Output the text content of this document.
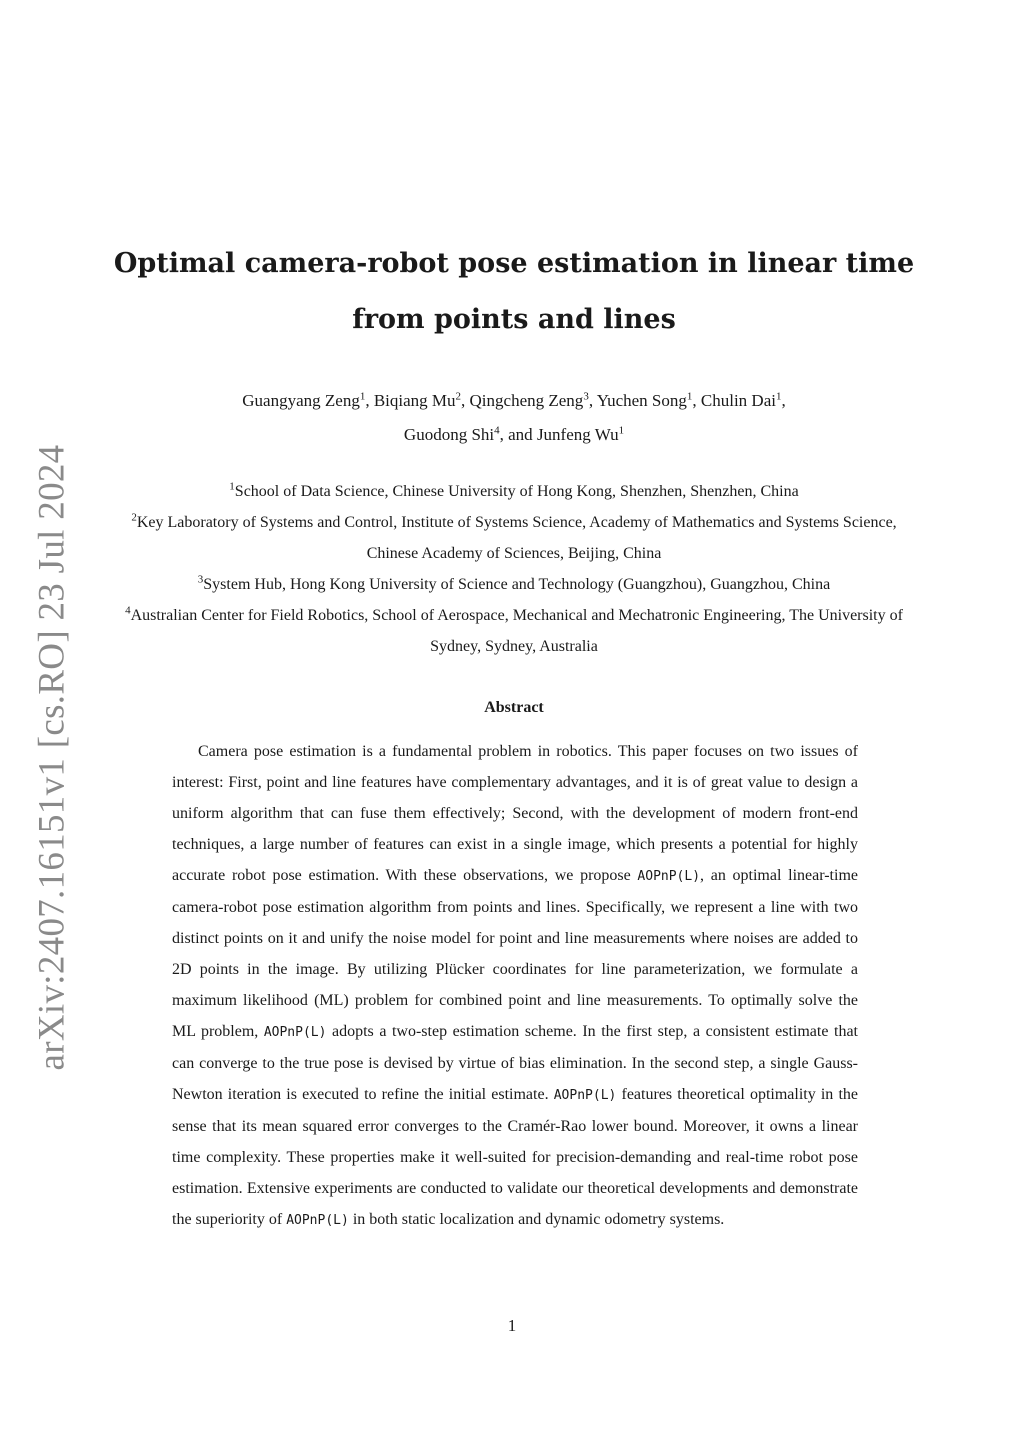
arXiv:2407.16151v1 [cs.RO] 23 Jul 2024
Optimal camera-robot pose estimation in linear time from points and lines
Guangyang Zeng$^1$, Biqiang Mu$^2$, Qingcheng Zeng$^3$, Yuchen Song$^1$, Chulin Dai$^1$,
Guodong Shi$^4$, and Junfeng Wu$^1$
$^1$School of Data Science, Chinese University of Hong Kong, Shenzhen, Shenzhen, China
$^2$Key Laboratory of Systems and Control, Institute of Systems Science, Academy of Mathematics and Systems Science, Chinese Academy of Sciences, Beijing, China
$^3$System Hub, Hong Kong University of Science and Technology (Guangzhou), Guangzhou, China
$^4$Australian Center for Field Robotics, School of Aerospace, Mechanical and Mechatronic Engineering, The University of Sydney, Sydney, Australia
Abstract

Camera pose estimation is a fundamental problem in robotics. This paper focuses on two issues of interest: First, point and line features have complementary advantages, and it is of great value to design a uniform algorithm that can fuse them effectively; Second, with the development of modern front-end techniques, a large number of features can exist in a single image, which presents a potential for highly accurate robot pose estimation. With these observations, we propose AOPnP(L), an optimal linear-time camera-robot pose estimation algorithm from points and lines. Specifically, we represent a line with two distinct points on it and unify the noise model for point and line measurements where noises are added to 2D points in the image. By utilizing Plücker coordinates for line parameterization, we formulate a maximum likelihood (ML) problem for combined point and line measurements. To optimally solve the ML problem, AOPnP(L) adopts a two-step estimation scheme. In the first step, a consistent estimate that can converge to the true pose is devised by virtue of bias elimination. In the second step, a single Gauss-Newton iteration is executed to refine the initial estimate. AOPnP(L) features theoretical optimality in the sense that its mean squared error converges to the Cramér-Rao lower bound. Moreover, it owns a linear time complexity. These properties make it well-suited for precision-demanding and real-time robot pose estimation. Extensive experiments are conducted to validate our theoretical developments and demonstrate the superiority of AOPnP(L) in both static localization and dynamic odometry systems.

1
